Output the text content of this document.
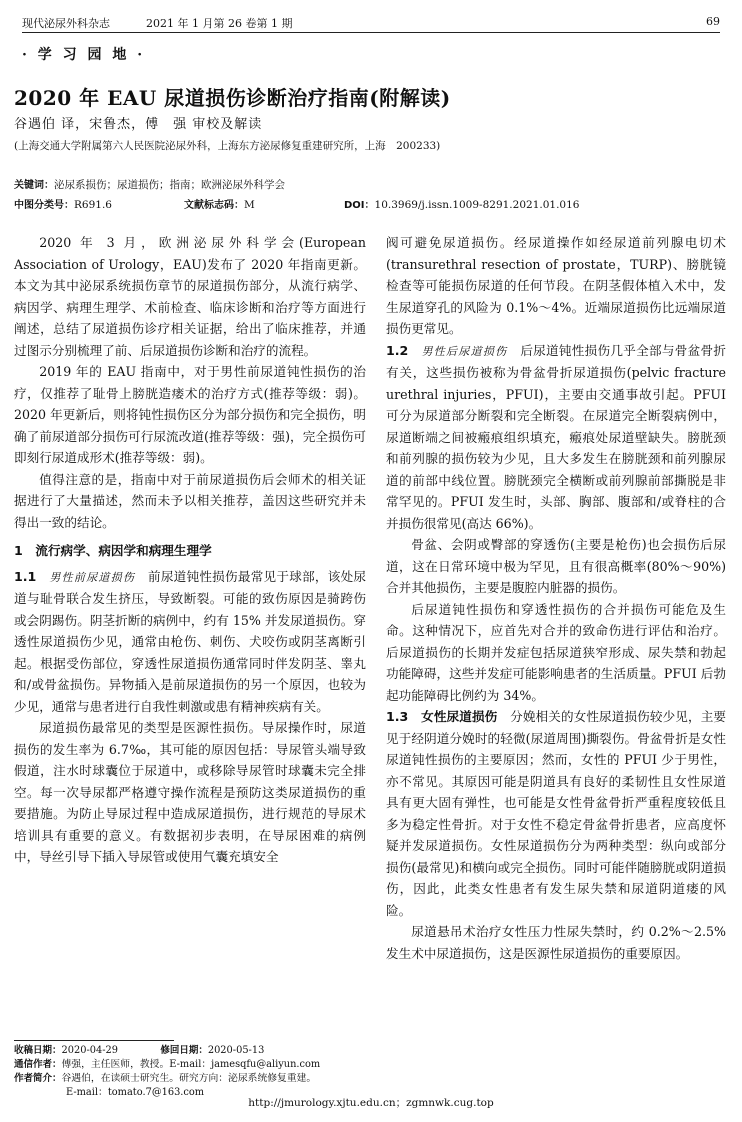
现代泌尿外科杂志	2021 年 1 月第 26 卷第 1 期	69
· 学 习 园 地 ·
2020 年 EAU 尿道损伤诊断治疗指南(附解读)
谷遇伯 译，宋鲁杰，傅　强 审校及解读
(上海交通大学附属第六人民医院泌尿外科，上海东方泌尿修复重建研究所，上海　200233)
关键词：泌尿系损伤；尿道损伤；指南；欧洲泌尿外科学会
中图分类号：R691.6	文献标志码：M	DOI：10.3969/j.issn.1009-8291.2021.01.016

2020 年 3 月，欧洲泌尿外科学会(European Association of Urology，EAU)发布了 2020 年指南更新。本文为其中泌尿系统损伤章节的尿道损伤部分，从流行病学、病因学、病理生理学、术前检查、临床诊断和治疗等方面进行阐述，总结了尿道损伤诊疗相关证据，给出了临床推荐，并通过图示分别梳理了前、后尿道损伤诊断和治疗的流程。

2019 年的 EAU 指南中，对于男性前尿道钝性损伤的治疗，仅推荐了耻骨上膀胱造瘘术的治疗方式(推荐等级：弱)。2020 年更新后，则将钝性损伤区分为部分损伤和完全损伤，明确了前尿道部分损伤可行尿流改道(推荐等级：强)，完全损伤可即刻行尿道成形术(推荐等级：弱)。

值得注意的是，指南中对于前尿道损伤后会师术的相关证据进行了大量描述，然而未予以相关推荐，盖因这些研究并未得出一致的结论。

1　流行病学、病因学和病理生理学

1.1　 男性前尿道损伤　 前尿道钝性损伤最常见于球部，该处尿道与耻骨联合发生挤压，导致断裂。可能的致伤原因是骑跨伤或会阴踢伤。阴茎折断的病例中，约有 15% 并发尿道损伤。穿透性尿道损伤少见，通常由枪伤、刺伤、犬咬伤或阴茎离断引起。根据受伤部位，穿透性尿道损伤通常同时伴发阴茎、睾丸和/或骨盆损伤。异物插入是前尿道损伤的另一个原因，也较为少见，通常与患者进行自我性刺激或患有精神疾病有关。

尿道损伤最常见的类型是医源性损伤。导尿操作时，尿道损伤的发生率为 6.7‰，其可能的原因包括：导尿管头端导致假道，注水时球囊位于尿道中，或移除导尿管时球囊未完全排空。每一次导尿都严格遵守操作流程是预防这类尿道损伤的重要措施。为防止导尿过程中造成尿道损伤，进行规范的导尿术培训具有重要的意义。有数据初步表明，在导尿困难的病例中，导丝引导下插入导尿管或使用气囊充填安全

阀可避免尿道损伤。经尿道操作如经尿道前列腺电切术(transurethral resection of prostate，TURP)、膀胱镜检查等可能损伤尿道的任何节段。在阴茎假体植入术中，发生尿道穿孔的风险为 0.1%～4%。近端尿道损伤比远端尿道损伤更常见。

1.2　 男性后尿道损伤　 后尿道钝性损伤几乎全部与骨盆骨折有关，这些损伤被称为骨盆骨折尿道损伤(pelvic fracture urethral injuries，PFUI)，主要由交通事故引起。PFUI 可分为尿道部分断裂和完全断裂。在尿道完全断裂病例中，尿道断端之间被瘢痕组织填充，瘢痕处尿道壁缺失。膀胱颈和前列腺的损伤较为少见，且大多发生在膀胱颈和前列腺尿道的前部中线位置。膀胱颈完全横断或前列腺前部撕脱是非常罕见的。PFUI 发生时，头部、胸部、腹部和/或脊柱的合并损伤很常见(高达 66%)。

骨盆、会阴或臀部的穿透伤(主要是枪伤)也会损伤后尿道，这在日常环境中极为罕见，且有很高概率(80%～90%)合并其他损伤，主要是腹腔内脏器的损伤。

后尿道钝性损伤和穿透性损伤的合并损伤可能危及生命。这种情况下，应首先对合并的致命伤进行评估和治疗。后尿道损伤的长期并发症包括尿道狭窄形成、尿失禁和勃起功能障碍，这些并发症可能影响患者的生活质量。PFUI 后勃起功能障碍比例约为 34%。

1.3　 女性尿道损伤　 分娩相关的女性尿道损伤较少见，主要见于经阴道分娩时的轻微(尿道周围)撕裂伤。骨盆骨折是女性尿道钝性损伤的主要原因；然而，女性的 PFUI 少于男性，亦不常见。其原因可能是阴道具有良好的柔韧性且女性尿道具有更大固有弹性，也可能是女性骨盆骨折严重程度较低且多为稳定性骨折。对于女性不稳定骨盆骨折患者，应高度怀疑并发尿道损伤。女性尿道损伤分为两种类型：纵向或部分损伤(最常见)和横向或完全损伤。同时可能伴随膀胱或阴道损伤，因此，此类女性患者有发生尿失禁和尿道阴道瘘的风险。

尿道悬吊术治疗女性压力性尿失禁时，约 0.2%～2.5% 发生术中尿道损伤，这是医源性尿道损伤的重要原因。

收稿日期：2020-04-29 　　　　	修回日期：2020-05-13
通信作者：傅强，主任医师，教授。E-mail：jamesqfu@aliyun.com
作者简介：谷遇伯，在读硕士研究生。研究方向：泌尿系统修复重建。
E-mail：tomato.7@163.com
http://jmurology.xjtu.edu.cn；zgmnwk.cug.top
